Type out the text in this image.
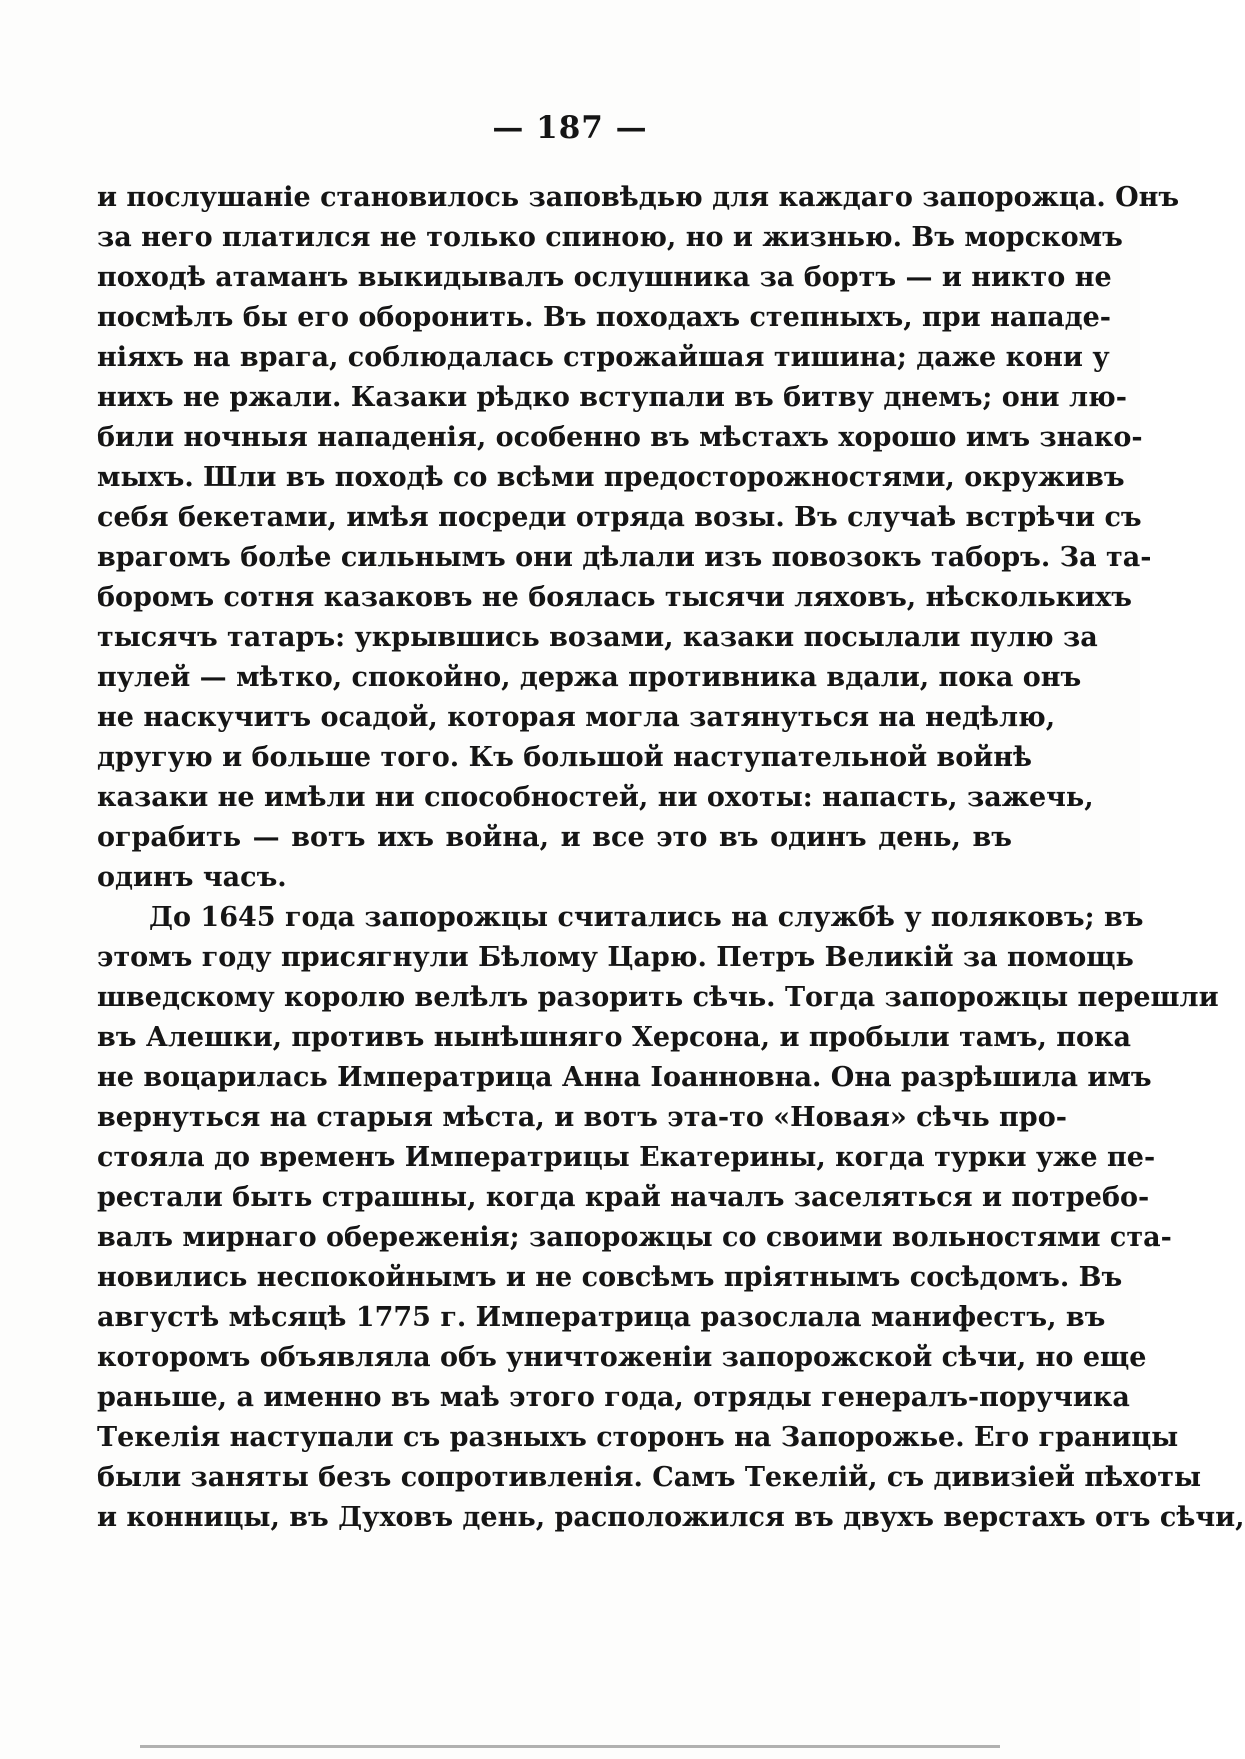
— 187 —
и послушаніе становилось заповѣдью для каждаго запорожца. Онъ
за него платился не только спиною, но и жизнью. Въ морскомъ
походѣ атаманъ выкидывалъ ослушника за бортъ — и никто не
посмѣлъ бы его оборонить. Въ походахъ степныхъ, при нападе-
ніяхъ на врага, соблюдалась строжайшая тишина; даже кони у
нихъ не ржали. Казаки рѣдко вступали въ битву днемъ; они лю-
били ночныя нападенія, особенно въ мѣстахъ хорошо имъ знако-
мыхъ. Шли въ походѣ со всѣми предосторожностями, окруживъ
себя бекетами, имѣя посреди отряда возы. Въ случаѣ встрѣчи съ
врагомъ болѣе сильнымъ они дѣлали изъ повозокъ таборъ. За та-
боромъ сотня казаковъ не боялась тысячи ляховъ, нѣсколькихъ
тысячъ татаръ: укрывшись возами, казаки посылали пулю за
пулей — мѣтко, спокойно, держа противника вдали, пока онъ
не наскучитъ осадой, которая могла затянуться на недѣлю,
другую и больше того. Къ большой наступательной войнѣ
казаки не имѣли ни способностей, ни охоты: напасть, зажечь,
ограбить — вотъ ихъ война, и все это въ одинъ день, въ
одинъ часъ.
До 1645 года запорожцы считались на службѣ у поляковъ; въ
этомъ году присягнули Бѣлому Царю. Петръ Великій за помощь
шведскому королю велѣлъ разорить сѣчь. Тогда запорожцы перешли
въ Алешки, противъ нынѣшняго Херсона, и пробыли тамъ, пока
не воцарилась Императрица Анна Іоанновна. Она разрѣшила имъ
вернуться на старыя мѣста, и вотъ эта-то «Новая» сѣчь про-
стояла до временъ Императрицы Екатерины, когда турки уже пе-
рестали быть страшны, когда край началъ заселяться и потребо-
валъ мирнаго обереженія; запорожцы со своими вольностями ста-
новились неспокойнымъ и не совсѣмъ пріятнымъ сосѣдомъ. Въ
августѣ мѣсяцѣ 1775 г. Императрица разослала манифестъ, въ
которомъ объявляла объ уничтоженіи запорожской сѣчи, но еще
раньше, а именно въ маѣ этого года, отряды генералъ-поручика
Текелія наступали съ разныхъ сторонъ на Запорожье. Его границы
были заняты безъ сопротивленія. Самъ Текелій, съ дивизіей пѣхоты
и конницы, въ Духовъ день, расположился въ двухъ верстахъ отъ сѣчи,
